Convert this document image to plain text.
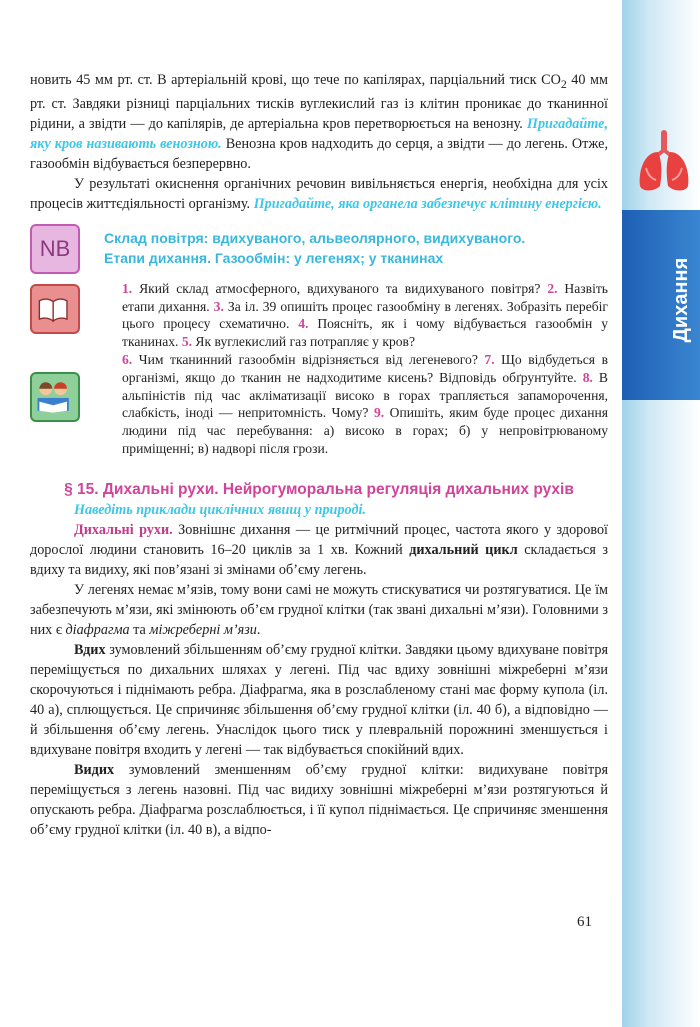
Дихання

новить 45 мм рт. ст. В артеріальній крові, що тече по капілярах, парціальний тиск $СО_2$ 40 мм рт. ст. Завдяки різниці парціальних тисків вуглекислий газ із клітин проникає до тканинної рідини, а звідти — до капілярів, де артеріальна кров перетворюється на венозну. Пригадайте, яку кров називають венозною. Венозна кров надходить до серця, а звідти — до легень. Отже, газообмін відбувається безперервно.

У результаті окиснення органічних речовин вивільняється енергія, необхідна для усіх процесів життєдіяльності організму. Пригадайте, яка органела забезпечує клітину енергією.

NB	Склад повітря: вдихуваного, альвеолярного, видихуваного.
Етапи дихання. Газообмін: у легенях; у тканинах

1. Який склад атмосферного, вдихуваного та видихуваного повітря? 2. Назвіть етапи дихання. 3. За іл. 39 опишіть процес газообміну в легенях. Зобразіть перебіг цього процесу схематично. 4. Поясніть, як і чому відбувається газообмін у тканинах. 5. Як вуглекислий газ потрапляє у кров?

6. Чим тканинний газообмін відрізняється від легеневого? 7. Що відбудеться в організмі, якщо до тканин не надходитиме кисень? Відповідь обґрунтуйте. 8. В альпіністів під час акліматизації високо в горах трапляється запаморочення, слабкість, іноді — непритомність. Чому? 9. Опишіть, яким буде процес дихання людини під час перебування: а) високо в горах; б) у непровітрюваному приміщенні; в) надворі після грози.

§ 15. Дихальні рухи. Нейрогуморальна регуляція дихальних рухів

Наведіть приклади циклічних явищ у природі.

Дихальні рухи. Зовнішнє дихання — це ритмічний процес, частота якого у здорової дорослої людини становить 16–20 циклів за 1 хв. Кожний дихальний цикл складається з вдиху та видиху, які пов’язані зі змінами об’єму легень.

У легенях немає м’язів, тому вони самі не можуть стискуватися чи розтягуватися. Це їм забезпечують м’язи, які змінюють об’єм грудної клітки (так звані дихальні м’язи). Головними з них є діафрагма та міжреберні м’язи.

Вдих зумовлений збільшенням об’єму грудної клітки. Завдяки цьому вдихуване повітря переміщується по дихальних шляхах у легені. Під час вдиху зовнішні міжреберні м’язи скорочуються і піднімають ребра. Діафрагма, яка в розслабленому стані має форму купола (іл. 40 а), сплющується. Це спричиняє збільшення об’єму грудної клітки (іл. 40 б), а відповідно — й збільшення об’єму легень. Унаслідок цього тиск у плевральній порожнині зменшується і вдихуване повітря входить у легені — так відбувається спокійний вдих.

Видих зумовлений зменшенням об’єму грудної клітки: видихуване повітря переміщується з легень назовні. Під час видиху зовнішні міжреберні м’язи розтягуються й опускають ребра. Діафрагма розслаблюється, і її купол піднімається. Це спричиняє зменшення об’єму грудної клітки (іл. 40 в), а відпо-

61
